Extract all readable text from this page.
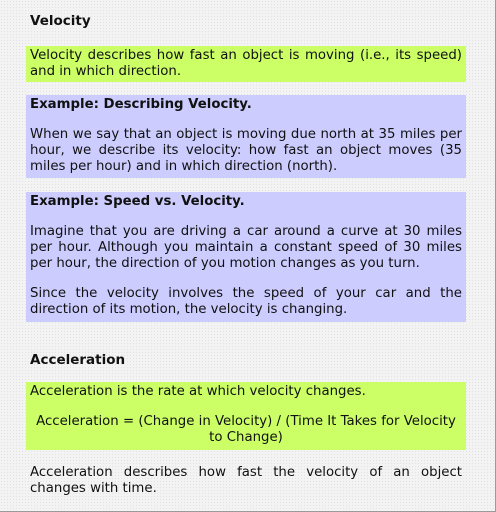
Velocity
Velocity describes how fast an object is moving (i.e., its speed) and in which direction.
Example: Describing Velocity.
When we say that an object is moving due north at 35 miles per hour, we describe its velocity: how fast an object moves (35 miles per hour) and in which direction (north).
Example: Speed vs. Velocity.
Imagine that you are driving a car around a curve at 30 miles per hour. Although you maintain a constant speed of 30 miles per hour, the direction of you motion changes as you turn.
Since the velocity involves the speed of your car and the direction of its motion, the velocity is changing.
Acceleration
Acceleration is the rate at which velocity changes.
Acceleration = (Change in Velocity) / (Time It Takes for Velocity to Change)
Acceleration describes how fast the velocity of an object changes with time.
